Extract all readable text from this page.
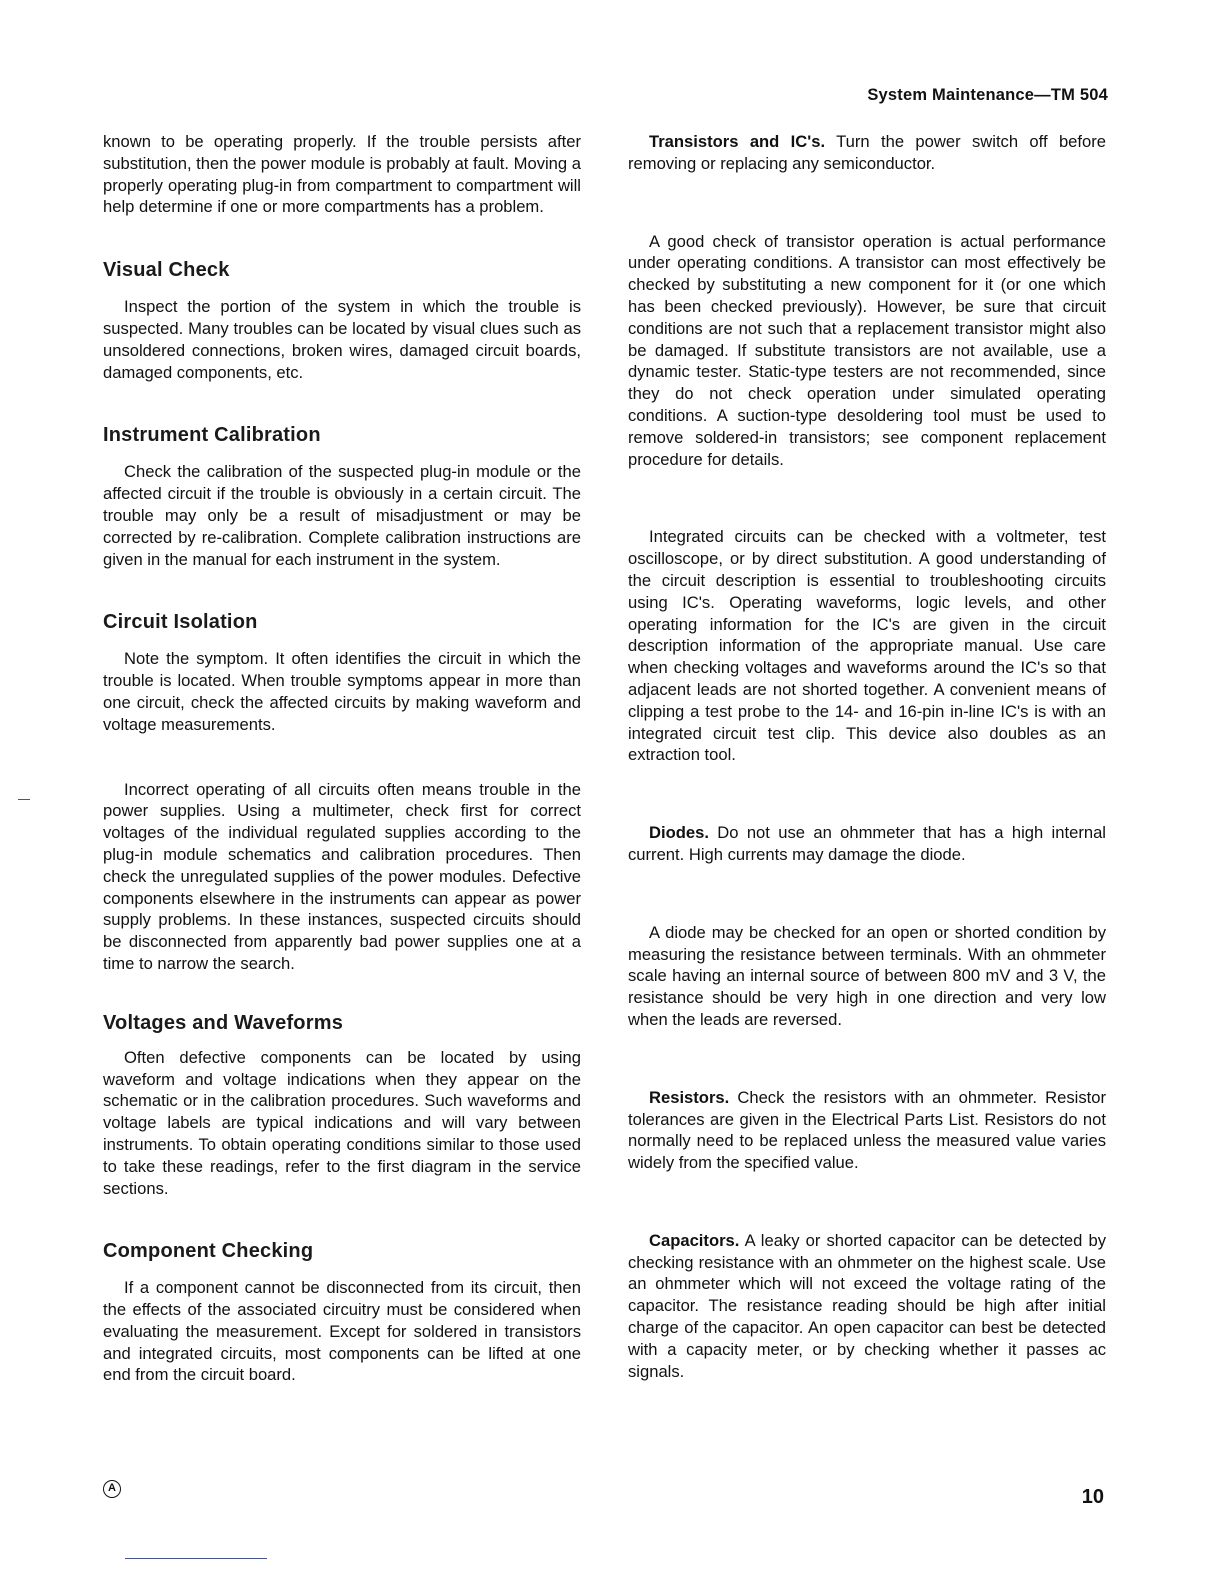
System Maintenance—TM 504

known to be operating properly. If the trouble persists after substitution, then the power module is probably at fault. Moving a properly operating plug-in from compartment to compartment will help determine if one or more compartments has a problem.

Visual Check

Inspect the portion of the system in which the trouble is suspected. Many troubles can be located by visual clues such as unsoldered connections, broken wires, damaged circuit boards, damaged components, etc.

Instrument Calibration

Check the calibration of the suspected plug-in module or the affected circuit if the trouble is obviously in a certain circuit. The trouble may only be a result of misadjustment or may be corrected by re-calibration. Complete calibration instructions are given in the manual for each instrument in the system.

Circuit Isolation

Note the symptom. It often identifies the circuit in which the trouble is located. When trouble symptoms appear in more than one circuit, check the affected circuits by making waveform and voltage measurements.

Incorrect operating of all circuits often means trouble in the power supplies. Using a multimeter, check first for correct voltages of the individual regulated supplies according to the plug-in module schematics and calibration procedures. Then check the unregulated supplies of the power modules. Defective components elsewhere in the instruments can appear as power supply problems. In these instances, suspected circuits should be disconnected from apparently bad power supplies one at a time to narrow the search.

Voltages and Waveforms

Often defective components can be located by using waveform and voltage indications when they appear on the schematic or in the calibration procedures. Such waveforms and voltage labels are typical indications and will vary between instruments. To obtain operating conditions similar to those used to take these readings, refer to the first diagram in the service sections.

Component Checking

If a component cannot be disconnected from its circuit, then the effects of the associated circuitry must be considered when evaluating the measurement. Except for soldered in transistors and integrated circuits, most components can be lifted at one end from the circuit board.

Transistors and IC's. Turn the power switch off before removing or replacing any semiconductor.

A good check of transistor operation is actual performance under operating conditions. A transistor can most effectively be checked by substituting a new component for it (or one which has been checked previously). However, be sure that circuit conditions are not such that a replacement transistor might also be damaged. If substitute transistors are not available, use a dynamic tester. Static-type testers are not recommended, since they do not check operation under simulated operating conditions. A suction-type desoldering tool must be used to remove soldered-in transistors; see component replacement procedure for details.

Integrated circuits can be checked with a voltmeter, test oscilloscope, or by direct substitution. A good understanding of the circuit description is essential to troubleshooting circuits using IC's. Operating waveforms, logic levels, and other operating information for the IC's are given in the circuit description information of the appropriate manual. Use care when checking voltages and waveforms around the IC's so that adjacent leads are not shorted together. A convenient means of clipping a test probe to the 14- and 16-pin in-line IC's is with an integrated circuit test clip. This device also doubles as an extraction tool.

Diodes. Do not use an ohmmeter that has a high internal current. High currents may damage the diode.

A diode may be checked for an open or shorted condition by measuring the resistance between terminals. With an ohmmeter scale having an internal source of between 800 mV and 3 V, the resistance should be very high in one direction and very low when the leads are reversed.

Resistors. Check the resistors with an ohmmeter. Resistor tolerances are given in the Electrical Parts List. Resistors do not normally need to be replaced unless the measured value varies widely from the specified value.

Capacitors. A leaky or shorted capacitor can be detected by checking resistance with an ohmmeter on the highest scale. Use an ohmmeter which will not exceed the voltage rating of the capacitor. The resistance reading should be high after initial charge of the capacitor. An open capacitor can best be detected with a capacity meter, or by checking whether it passes ac signals.

A	10
